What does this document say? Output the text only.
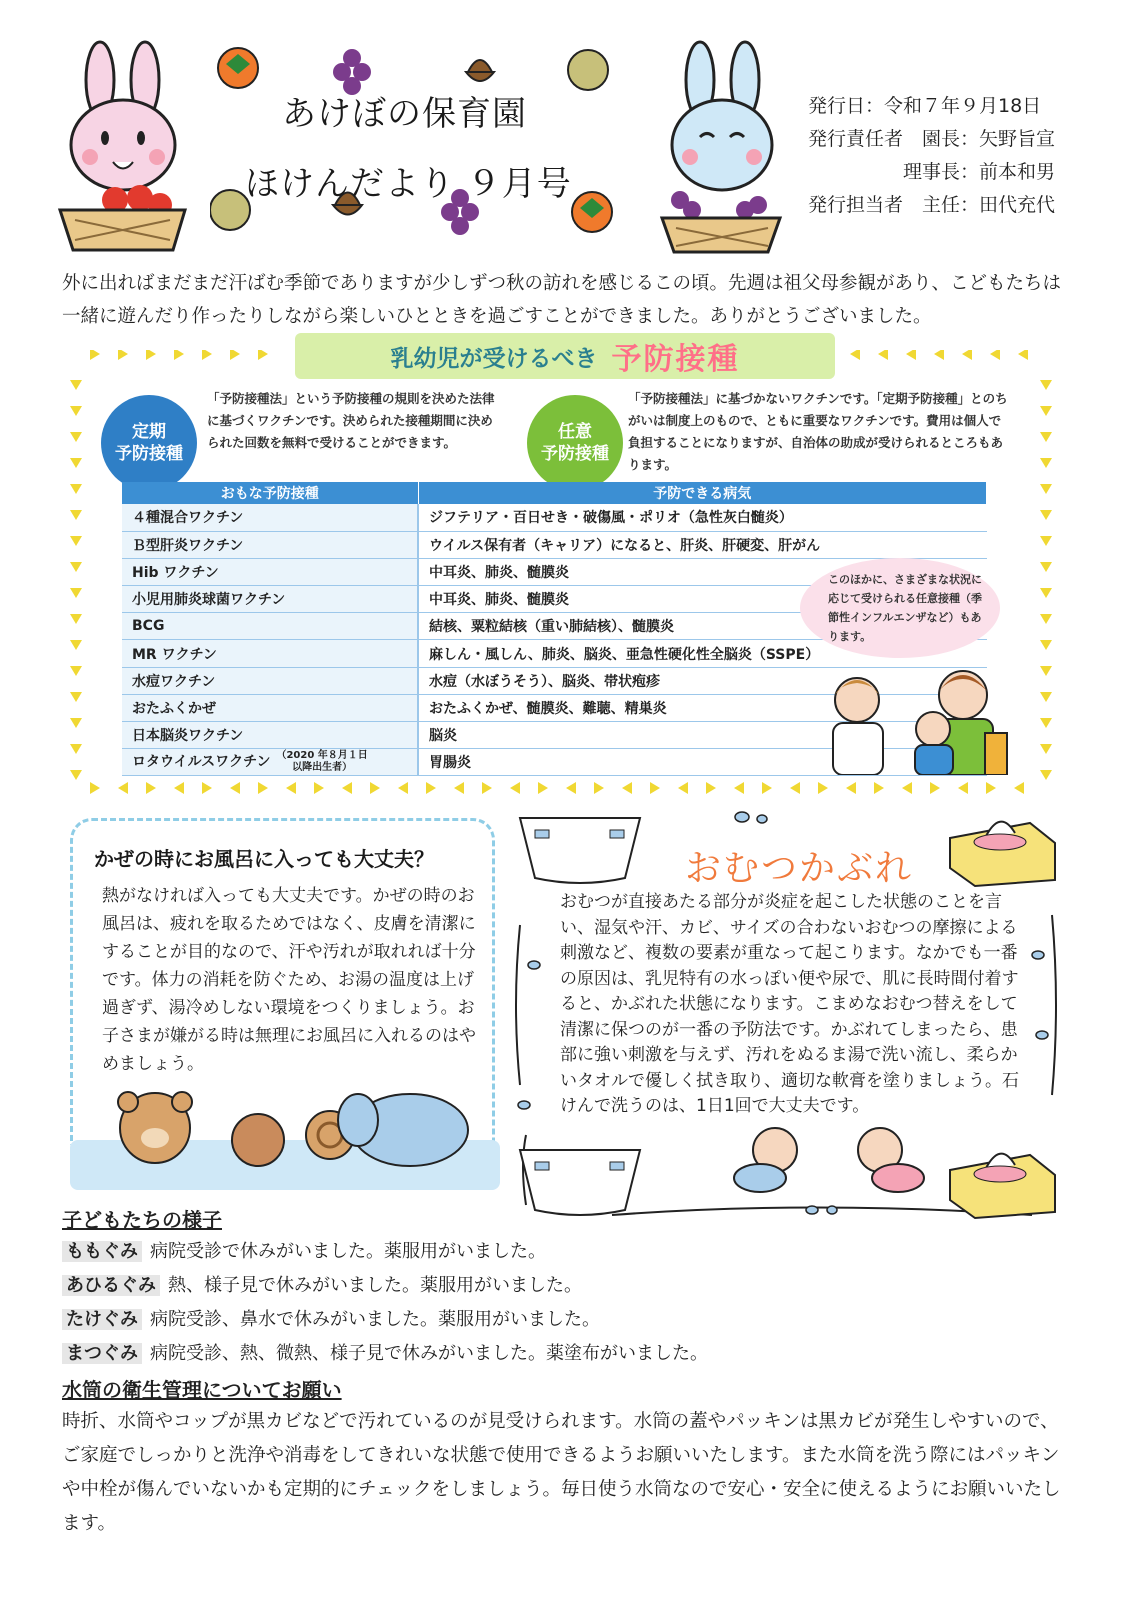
あけぼの保育園
ほけんだより ９月号
発行日：令和７年９月18日
発行責任者　園長：矢野旨宣
　　　　　理事長：前本和男
発行担当者　主任：田代充代

外に出ればまだまだ汗ばむ季節でありますが少しずつ秋の訪れを感じるこの頃。先週は祖父母参観があり、こどもたちは一緒に遊んだり作ったりしながら楽しいひとときを過ごすことができました。ありがとうございました。

乳幼児が受けるべき 予防接種
定期
予防接種

「予防接種法」という予防接種の規則を決めた法律に基づくワクチンです。決められた接種期間に決められた回数を無料で受けることができます。

任意
予防接種

「予防接種法」に基づかないワクチンです。「定期予防接種」とのちがいは制度上のもので、ともに重要なワクチンです。費用は個人で負担することになりますが、自治体の助成が受けられるところもあります。

おもな予防接種	予防できる病気
４種混合ワクチン	ジフテリア・百日せき・破傷風・ポリオ（急性灰白髄炎）
Ｂ型肝炎ワクチン	ウイルス保有者（キャリア）になると、肝炎、肝硬変、肝がん
Hib ワクチン	中耳炎、肺炎、髄膜炎
小児用肺炎球菌ワクチン	中耳炎、肺炎、髄膜炎
BCG	結核、粟粒結核（重い肺結核）、髄膜炎
MR ワクチン	麻しん・風しん、肺炎、脳炎、亜急性硬化性全脳炎（SSPE）
水痘ワクチン	水痘（水ぼうそう）、脳炎、帯状疱疹
おたふくかぜ	おたふくかぜ、髄膜炎、難聴、精巣炎
日本脳炎ワクチン	脳炎
ロタウイルスワクチン （2020 年８月１日
以降出生者）	胃腸炎

このほかに、さまざまな状況に応じて受けられる任意接種（季節性インフルエンザなど）もあります。

かぜの時にお風呂に入っても大丈夫？

熱がなければ入っても大丈夫です。かぜの時のお風呂は、疲れを取るためではなく、皮膚を清潔にすることが目的なので、汗や汚れが取れれば十分です。体力の消耗を防ぐため、お湯の温度は上げ過ぎず、湯冷めしない環境をつくりましょう。お子さまが嫌がる時は無理にお風呂に入れるのはやめましょう。

おむつかぶれ

おむつが直接あたる部分が炎症を起こした状態のことを言い、湿気や汗、カビ、サイズの合わないおむつの摩擦による刺激など、複数の要素が重なって起こります。なかでも一番の原因は、乳児特有の水っぽい便や尿で、肌に長時間付着すると、かぶれた状態になります。こまめなおむつ替えをして清潔に保つのが一番の予防法です。かぶれてしまったら、患部に強い刺激を与えず、汚れをぬるま湯で洗い流し、柔らかいタオルで優しく拭き取り、適切な軟膏を塗りましょう。石けんで洗うのは、1日1回で大丈夫です。

子どもたちの様子
ももぐみ 病院受診で休みがいました。薬服用がいました。
あひるぐみ 熱、様子見で休みがいました。薬服用がいました。
たけぐみ 病院受診、鼻水で休みがいました。薬服用がいました。
まつぐみ 病院受診、熱、微熱、様子見で休みがいました。薬塗布がいました。
水筒の衛生管理についてお願い

時折、水筒やコップが黒カビなどで汚れているのが見受けられます。水筒の蓋やパッキンは黒カビが発生しやすいので、ご家庭でしっかりと洗浄や消毒をしてきれいな状態で使用できるようお願いいたします。また水筒を洗う際にはパッキンや中栓が傷んでいないかも定期的にチェックをしましょう。毎日使う水筒なので安心・安全に使えるようにお願いいたします。
